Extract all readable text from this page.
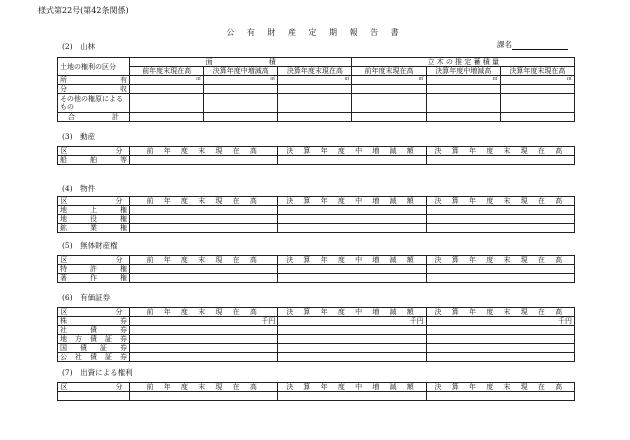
様式第22号(第42条関係)
公 有 財 産 定 期 報 告 書
(2)　山林	課名
土地の権利の区分	面　　　　　　　　積			立 木 の 推 定 蓄 積 量		
	前年度末現在高	決算年度中増減高	決算年度末現在高	前年度末現在高	決算年度中増減高	決算年度末現在高
所　　　　有	㎡	㎡	㎡	㎡	㎡	㎡
分　　　　収						
その他の権原によるもの						
合　　　　計						
(3)　動産
区　　　　分	前 年 度 末 現 在 高	決 算 年 度 中 増 減 額	決 算 年 度 末 現 在 高
船　　舶　　等			
(4)　物件
区　　　　分	前 年 度 末 現 在 高	決 算 年 度 中 増 減 額	決 算 年 度 末 現 在 高
地　上　権			
地　役　権			
鉱　業　権			
(5)　無体財産権
区　　　　分	前 年 度 末 現 在 高	決 算 年 度 中 増 減 額	決 算 年 度 末 現 在 高
特　許　権			
著　作　権			
(6)　有価証券
区　　　　分	前 年 度 末 現 在 高	決 算 年 度 中 増 減 額	決 算 年 度 末 現 在 高
株　　　券	千円	千円	千円
社　債　券			
地 方 債 証 券			
国 債 証 券			
公 社 債 証 券			
(7)　出資による権利
区　　　　分	前 年 度 末 現 在 高	決 算 年 度 中 増 減 額	決 算 年 度 末 現 在 高
